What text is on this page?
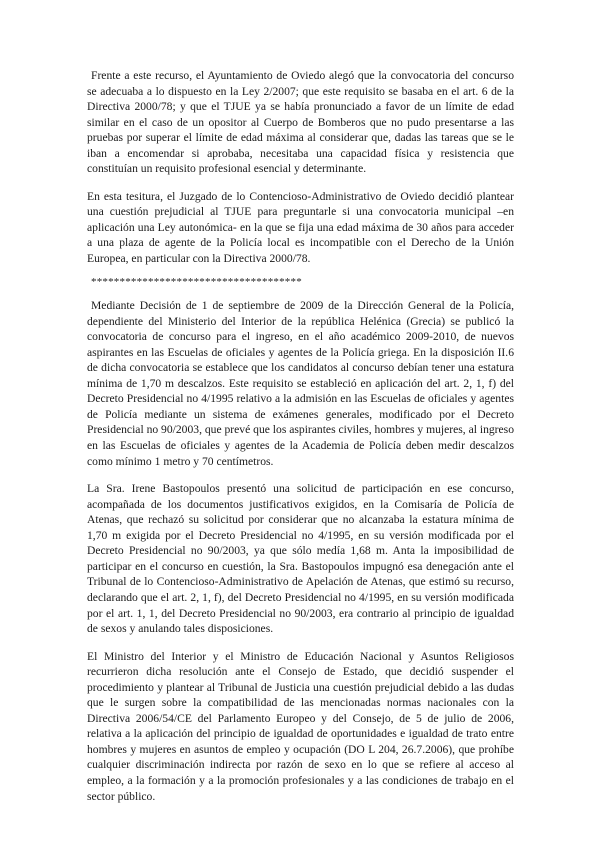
Frente a este recurso, el Ayuntamiento de Oviedo alegó que la convocatoria del concurso se adecuaba a lo dispuesto en la Ley 2/2007; que este requisito se basaba en el art. 6 de la Directiva 2000/78; y que el TJUE ya se había pronunciado a favor de un límite de edad similar en el caso de un opositor al Cuerpo de Bomberos que no pudo presentarse a las pruebas por superar el límite de edad máxima al considerar que, dadas las tareas que se le iban a encomendar si aprobaba, necesitaba una capacidad física y resistencia que constituían un requisito profesional esencial y determinante.

En esta tesitura, el Juzgado de lo Contencioso-Administrativo de Oviedo decidió plantear una cuestión prejudicial al TJUE para preguntarle si una convocatoria municipal –en aplicación una Ley autonómica- en la que se fija una edad máxima de 30 años para acceder a una plaza de agente de la Policía local es incompatible con el Derecho de la Unión Europea, en particular con la Directiva 2000/78.

*************************************

Mediante Decisión de 1 de septiembre de 2009 de la Dirección General de la Policía, dependiente del Ministerio del Interior de la república Helénica (Grecia) se publicó la convocatoria de concurso para el ingreso, en el año académico 2009-2010, de nuevos aspirantes en las Escuelas de oficiales y agentes de la Policía griega. En la disposición II.6 de dicha convocatoria se establece que los candidatos al concurso debían tener una estatura mínima de 1,70 m descalzos. Este requisito se estableció en aplicación del art. 2, 1, f) del Decreto Presidencial no 4/1995 relativo a la admisión en las Escuelas de oficiales y agentes de Policía mediante un sistema de exámenes generales, modificado por el Decreto Presidencial no 90/2003, que prevé que los aspirantes civiles, hombres y mujeres, al ingreso en las Escuelas de oficiales y agentes de la Academia de Policía deben medir descalzos como mínimo 1 metro y 70 centímetros.

La Sra. Irene Bastopoulos presentó una solicitud de participación en ese concurso, acompañada de los documentos justificativos exigidos, en la Comisaría de Policía de Atenas, que rechazó su solicitud por considerar que no alcanzaba la estatura mínima de 1,70 m exigida por el Decreto Presidencial no 4/1995, en su versión modificada por el Decreto Presidencial no 90/2003, ya que sólo medía 1,68 m. Anta la imposibilidad de participar en el concurso en cuestión, la Sra. Bastopoulos impugnó esa denegación ante el Tribunal de lo Contencioso-Administrativo de Apelación de Atenas, que estimó su recurso, declarando que el art. 2, 1, f), del Decreto Presidencial no 4/1995, en su versión modificada por el art. 1, 1, del Decreto Presidencial no 90/2003, era contrario al principio de igualdad de sexos y anulando tales disposiciones.

El Ministro del Interior y el Ministro de Educación Nacional y Asuntos Religiosos recurrieron dicha resolución ante el Consejo de Estado, que decidió suspender el procedimiento y plantear al Tribunal de Justicia una cuestión prejudicial debido a las dudas que le surgen sobre la compatibilidad de las mencionadas normas nacionales con la Directiva 2006/54/CE del Parlamento Europeo y del Consejo, de 5 de julio de 2006, relativa a la aplicación del principio de igualdad de oportunidades e igualdad de trato entre hombres y mujeres en asuntos de empleo y ocupación (DO L 204, 26.7.2006), que prohíbe cualquier discriminación indirecta por razón de sexo en lo que se refiere al acceso al empleo, a la formación y a la promoción profesionales y a las condiciones de trabajo en el sector público.
